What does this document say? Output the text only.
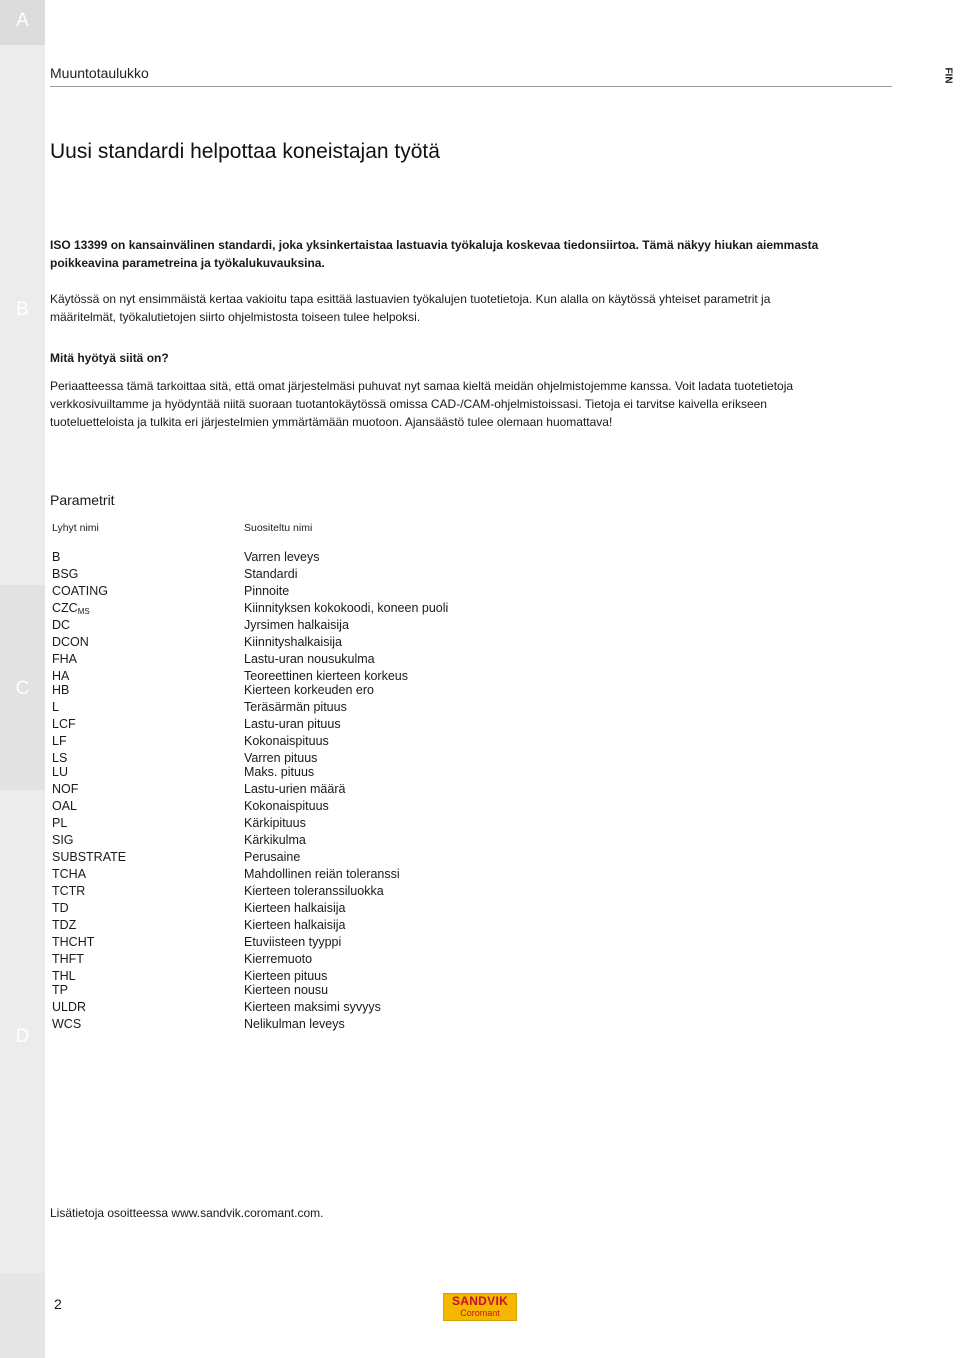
A
B
C
D
FIN
Muuntotaulukko
Uusi standardi helpottaa koneistajan työtä
ISO 13399 on kansainvälinen standardi, joka yksinkertaistaa lastuavia työkaluja koskevaa tiedonsiirtoa. Tämä näkyy hiukan aiemmasta
poikkeavina parametreina ja työkalukuvauksina.
Käytössä on nyt ensimmäistä kertaa vakioitu tapa esittää lastuavien työkalujen tuotetietoja. Kun alalla on käytössä yhteiset parametrit ja
määritelmät, työkalutietojen siirto ohjelmistosta toiseen tulee helpoksi.
Mitä hyötyä siitä on?
Periaatteessa tämä tarkoittaa sitä, että omat järjestelmäsi puhuvat nyt samaa kieltä meidän ohjelmistojemme kanssa. Voit ladata tuotetietoja
verkkosivuiltamme ja hyödyntää niitä suoraan tuotantokäytössä omissa CAD-/CAM-ohjelmistoissasi. Tietoja ei tarvitse kaivella erikseen
tuoteluetteloista ja tulkita eri järjestelmien ymmärtämään muotoon. Ajansäästö tulee olemaan huomattava!
Parametrit
Lyhyt nimi	Suositeltu nimi
B	Varren leveys
BSG	Standardi
COATING	Pinnoite
$CZC_{MS}$	Kiinnityksen kokokoodi, koneen puoli
DC	Jyrsimen halkaisija
DCON	Kiinnityshalkaisija
FHA	Lastu-uran nousukulma
HA	Teoreettinen kierteen korkeus
HB	Kierteen korkeuden ero
L	Teräsärmän pituus
LCF	Lastu-uran pituus
LF	Kokonaispituus
LS	Varren pituus
LU	Maks. pituus
NOF	Lastu-urien määrä
OAL	Kokonaispituus
PL	Kärkipituus
SIG	Kärkikulma
SUBSTRATE	Perusaine
TCHA	Mahdollinen reiän toleranssi
TCTR	Kierteen toleranssiluokka
TD	Kierteen halkaisija
TDZ	Kierteen halkaisija
THCHT	Etuviisteen tyyppi
THFT	Kierremuoto
THL	Kierteen pituus
TP	Kierteen nousu
ULDR	Kierteen maksimi syvyys
WCS	Nelikulman leveys
Lisätietoja osoitteessa www.sandvik.coromant.com.
2	SANDVIK
Coromant
